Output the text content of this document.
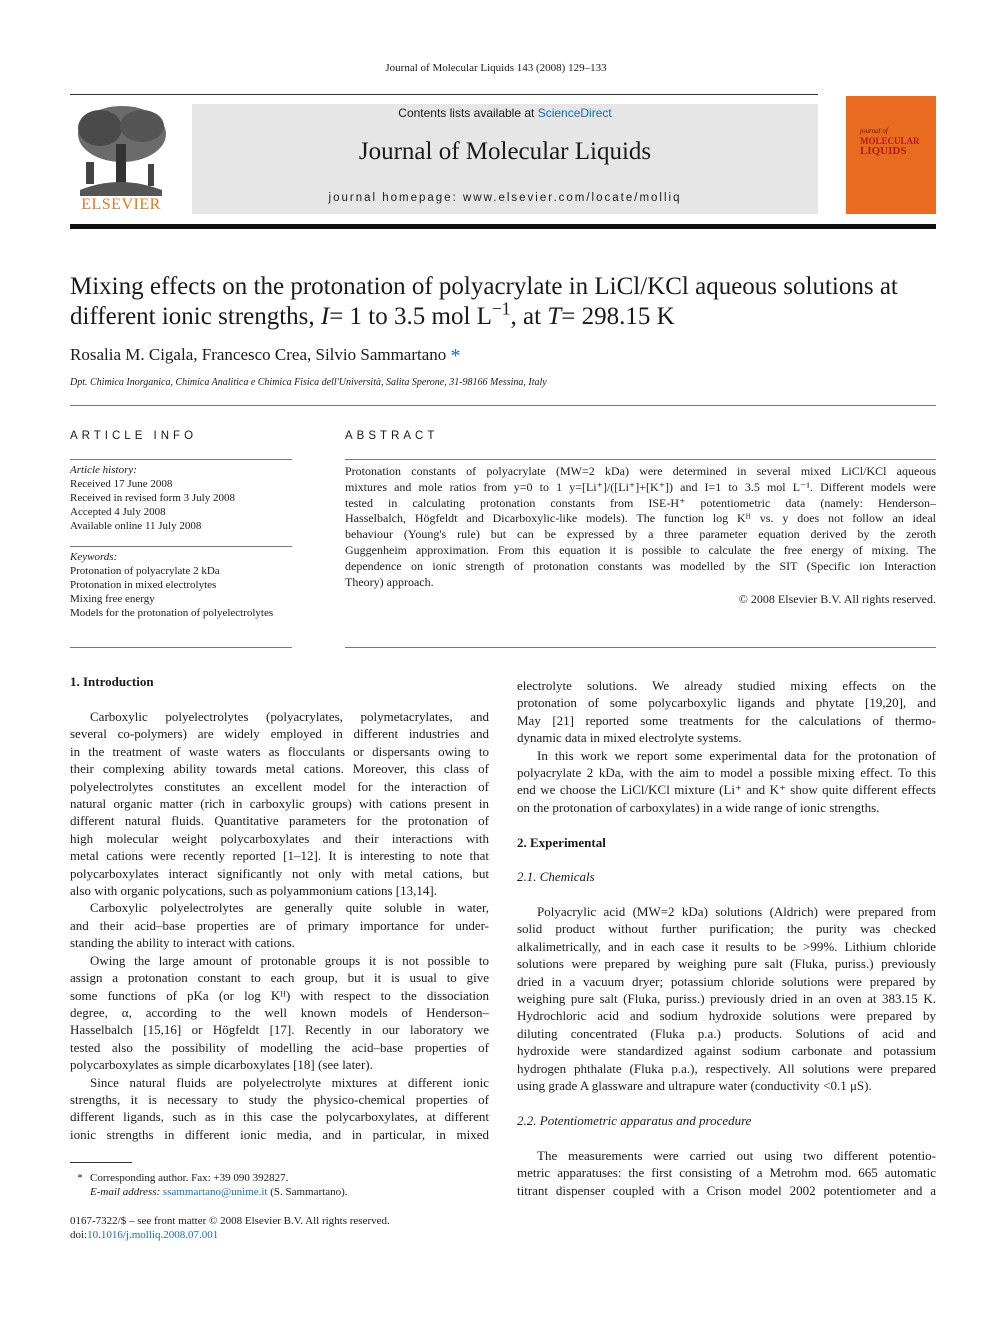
Journal of Molecular Liquids 143 (2008) 129–133
ELSEVIER
Contents lists available at ScienceDirect
Journal of Molecular Liquids
journal homepage: www.elsevier.com/locate/molliq
journal of
MOLECULAR
LIQUIDS
Mixing effects on the protonation of polyacrylate in LiCl/KCl aqueous solutions at
different ionic strengths, I= 1 to 3.5 mol $L^{-1}$, at T= 298.15 K
Rosalia M. Cigala, Francesco Crea, Silvio Sammartano *
Dpt. Chimica Inorganica, Chimica Analitica e Chimica Fisica dell'Università, Salita Sperone, 31-98166 Messina, Italy
ARTICLE INFO
Article history:
Received 17 June 2008
Received in revised form 3 July 2008
Accepted 4 July 2008
Available online 11 July 2008
Keywords:
Protonation of polyacrylate 2 kDa
Protonation in mixed electrolytes
Mixing free energy
Models for the protonation of polyelectrolytes
ABSTRACT
Protonation constants of polyacrylate (MW=2 kDa) were determined in several mixed LiCl/KCl aqueous
mixtures and mole ratios from y=0 to 1 y=[Li⁺]/([Li⁺]+[K⁺]) and I=1 to 3.5 mol L⁻¹. Different models were
tested in calculating protonation constants from ISE-H⁺ potentiometric data (namely: Henderson–
Hasselbalch, Högfeldt and Dicarboxylic-like models). The function log Kᴴ vs. y does not follow an ideal
behaviour (Young's rule) but can be expressed by a three parameter equation derived by the zeroth
Guggenheim approximation. From this equation it is possible to calculate the free energy of mixing. The
dependence on ionic strength of protonation constants was modelled by the SIT (Specific ion Interaction
Theory) approach.
© 2008 Elsevier B.V. All rights reserved.
1. Introduction
Carboxylic polyelectrolytes (polyacrylates, polymetacrylates, and
several co-polymers) are widely employed in different industries and
in the treatment of waste waters as flocculants or dispersants owing to
their complexing ability towards metal cations. Moreover, this class of
polyelectrolytes constitutes an excellent model for the interaction of
natural organic matter (rich in carboxylic groups) with cations present in
different natural fluids. Quantitative parameters for the protonation of
high molecular weight polycarboxylates and their interactions with
metal cations were recently reported [1–12]. It is interesting to note that
polycarboxylates interact significantly not only with metal cations, but
also with organic polycations, such as polyammonium cations [13,14].
Carboxylic polyelectrolytes are generally quite soluble in water,
and their acid–base properties are of primary importance for under-
standing the ability to interact with cations.
Owing the large amount of protonable groups it is not possible to
assign a protonation constant to each group, but it is usual to give
some functions of pKa (or log Kᴴ) with respect to the dissociation
degree, α, according to the well known models of Henderson–
Hasselbalch [15,16] or Högfeldt [17]. Recently in our laboratory we
tested also the possibility of modelling the acid–base properties of
polycarboxylates as simple dicarboxylates [18] (see later).
Since natural fluids are polyelectrolyte mixtures at different ionic
strengths, it is necessary to study the physico-chemical properties of
different ligands, such as in this case the polycarboxylates, at different
ionic strengths in different ionic media, and in particular, in mixed
electrolyte solutions. We already studied mixing effects on the
protonation of some polycarboxylic ligands and phytate [19,20], and
May [21] reported some treatments for the calculations of thermo-
dynamic data in mixed electrolyte systems.
In this work we report some experimental data for the protonation of
polyacrylate 2 kDa, with the aim to model a possible mixing effect. To this
end we choose the LiCl/KCl mixture (Li⁺ and K⁺ show quite different effects
on the protonation of carboxylates) in a wide range of ionic strengths.
2. Experimental
2.1. Chemicals
Polyacrylic acid (MW=2 kDa) solutions (Aldrich) were prepared from
solid product without further purification; the purity was checked
alkalimetrically, and in each case it results to be >99%. Lithium chloride
solutions were prepared by weighing pure salt (Fluka, puriss.) previously
dried in a vacuum dryer; potassium chloride solutions were prepared by
weighing pure salt (Fluka, puriss.) previously dried in an oven at 383.15 K.
Hydrochloric acid and sodium hydroxide solutions were prepared by
diluting concentrated (Fluka p.a.) products. Solutions of acid and
hydroxide were standardized against sodium carbonate and potassium
hydrogen phthalate (Fluka p.a.), respectively. All solutions were prepared
using grade A glassware and ultrapure water (conductivity <0.1 μS).
2.2. Potentiometric apparatus and procedure
The measurements were carried out using two different potentio-
metric apparatuses: the first consisting of a Metrohm mod. 665 automatic
titrant dispenser coupled with a Crison model 2002 potentiometer and a
* Corresponding author. Fax: +39 090 392827.
E-mail address: ssammartano@unime.it (S. Sammartano).
0167-7322/$ – see front matter © 2008 Elsevier B.V. All rights reserved.
doi:10.1016/j.molliq.2008.07.001
